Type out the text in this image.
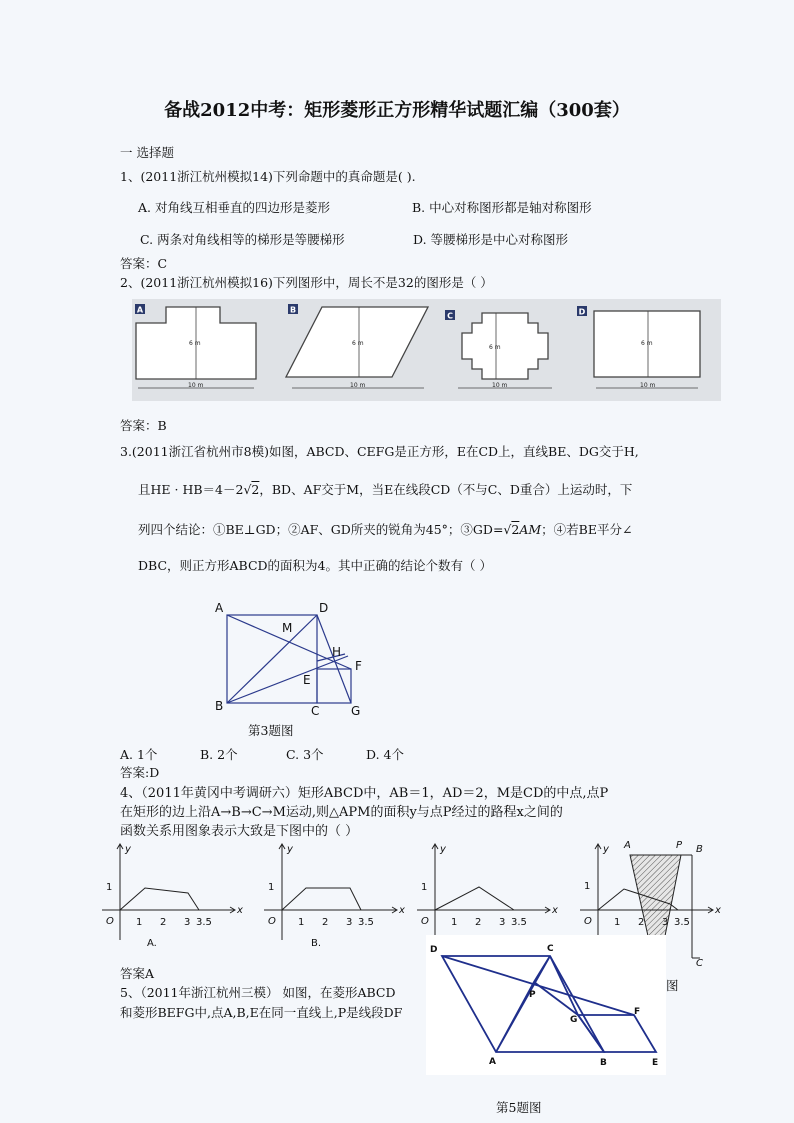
备战2012中考：矩形菱形正方形精华试题汇编（300套）
一 选择题
1、(2011浙江杭州模拟14)下列命题中的真命题是( ).
A. 对角线互相垂直的四边形是菱形	B. 中心对称图形都是轴对称图形
C. 两条对角线相等的梯形是等腰梯形	D. 等腰梯形是中心对称图形
答案：C
2、(2011浙江杭州模拟16)下列图形中，周长不是32的图形是（ ）
A
6 m
10 m
B
6 m
10 m
C
6 m
10 m
D
6 m
10 m
答案：B
3.(2011浙江省杭州市8模)如图，ABCD、CEFG是正方形，E在CD上，直线BE、DG交于H,
且HE · HB＝4－2√2，BD、AF交于M，当E在线段CD（不与C、D重合）上运动时，下
列四个结论：①BE⊥GD；②AF、GD所夹的锐角为45°；③GD=√2AM；④若BE平分∠
DBC，则正方形ABCD的面积为4。其中正确的结论个数有（ ）
A	D
M
H
F
E
B	C	G
第3题图
A. 1个	B. 2个	C. 3个	D. 4个
答案:D
4、（2011年黄冈中考调研六）矩形ABCD中，AB＝1，AD＝2，M是CD的中点,点P
在矩形的边上沿A→B→C→M运动,则△APM的面积y与点P经过的路程x之间的
函数关系用图象表示大致是下图中的（ ）
x
y
O
1
1 2 3 3.5
A.
x
y
O
1
1 2 3 3.5
B.
x
y
O
1
1 2 3 3.5
x
y
O
1
1 2 3 3.5
A	P B
C
答案A
5、（2011年浙江杭州三模） 如图，在菱形ABCD
和菱形BEFG中,点A,B,E在同一直线上,P是线段DF
图
D	C
P
G
F
A	B	E
第5题图
